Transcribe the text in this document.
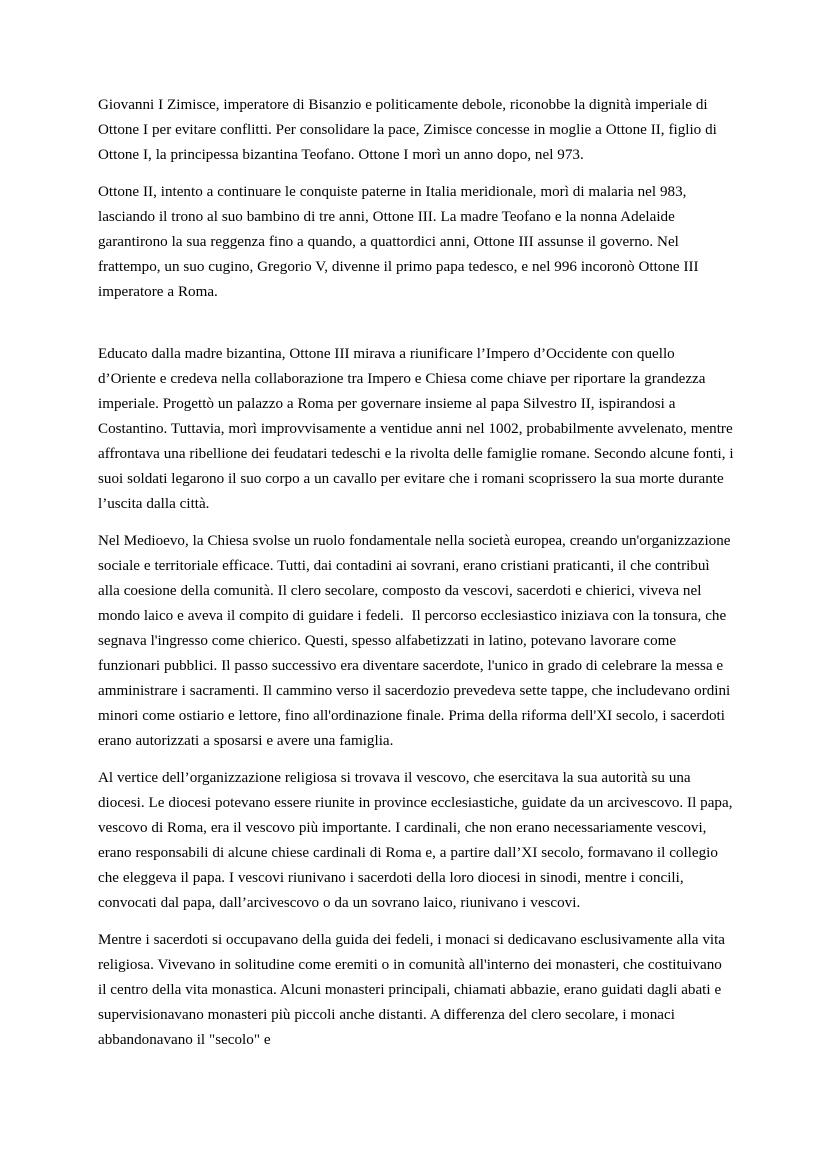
Giovanni I Zimisce, imperatore di Bisanzio e politicamente debole, riconobbe la dignità imperiale di Ottone I per evitare conflitti. Per consolidare la pace, Zimisce concesse in moglie a Ottone II, figlio di Ottone I, la principessa bizantina Teofano. Ottone I morì un anno dopo, nel 973.

Ottone II, intento a continuare le conquiste paterne in Italia meridionale, morì di malaria nel 983, lasciando il trono al suo bambino di tre anni, Ottone III. La madre Teofano e la nonna Adelaide garantirono la sua reggenza fino a quando, a quattordici anni, Ottone III assunse il governo. Nel frattempo, un suo cugino, Gregorio V, divenne il primo papa tedesco, e nel 996 incoronò Ottone III imperatore a Roma.

Educato dalla madre bizantina, Ottone III mirava a riunificare l’Impero d’Occidente con quello d’Oriente e credeva nella collaborazione tra Impero e Chiesa come chiave per riportare la grandezza imperiale. Progettò un palazzo a Roma per governare insieme al papa Silvestro II, ispirandosi a Costantino. Tuttavia, morì improvvisamente a ventidue anni nel 1002, probabilmente avvelenato, mentre affrontava una ribellione dei feudatari tedeschi e la rivolta delle famiglie romane. Secondo alcune fonti, i suoi soldati legarono il suo corpo a un cavallo per evitare che i romani scoprissero la sua morte durante l’uscita dalla città.

Nel Medioevo, la Chiesa svolse un ruolo fondamentale nella società europea, creando un'organizzazione sociale e territoriale efficace. Tutti, dai contadini ai sovrani, erano cristiani praticanti, il che contribuì alla coesione della comunità. Il clero secolare, composto da vescovi, sacerdoti e chierici, viveva nel mondo laico e aveva il compito di guidare i fedeli.  Il percorso ecclesiastico iniziava con la tonsura, che segnava l'ingresso come chierico. Questi, spesso alfabetizzati in latino, potevano lavorare come funzionari pubblici. Il passo successivo era diventare sacerdote, l'unico in grado di celebrare la messa e amministrare i sacramenti. Il cammino verso il sacerdozio prevedeva sette tappe, che includevano ordini minori come ostiario e lettore, fino all'ordinazione finale. Prima della riforma dell'XI secolo, i sacerdoti erano autorizzati a sposarsi e avere una famiglia.

Al vertice dell’organizzazione religiosa si trovava il vescovo, che esercitava la sua autorità su una diocesi. Le diocesi potevano essere riunite in province ecclesiastiche, guidate da un arcivescovo. Il papa, vescovo di Roma, era il vescovo più importante. I cardinali, che non erano necessariamente vescovi, erano responsabili di alcune chiese cardinali di Roma e, a partire dall’XI secolo, formavano il collegio che eleggeva il papa. I vescovi riunivano i sacerdoti della loro diocesi in sinodi, mentre i concili, convocati dal papa, dall’arcivescovo o da un sovrano laico, riunivano i vescovi.

Mentre i sacerdoti si occupavano della guida dei fedeli, i monaci si dedicavano esclusivamente alla vita religiosa. Vivevano in solitudine come eremiti o in comunità all'interno dei monasteri, che costituivano il centro della vita monastica. Alcuni monasteri principali, chiamati abbazie, erano guidati dagli abati e supervisionavano monasteri più piccoli anche distanti. A differenza del clero secolare, i monaci abbandonavano il "secolo" e
